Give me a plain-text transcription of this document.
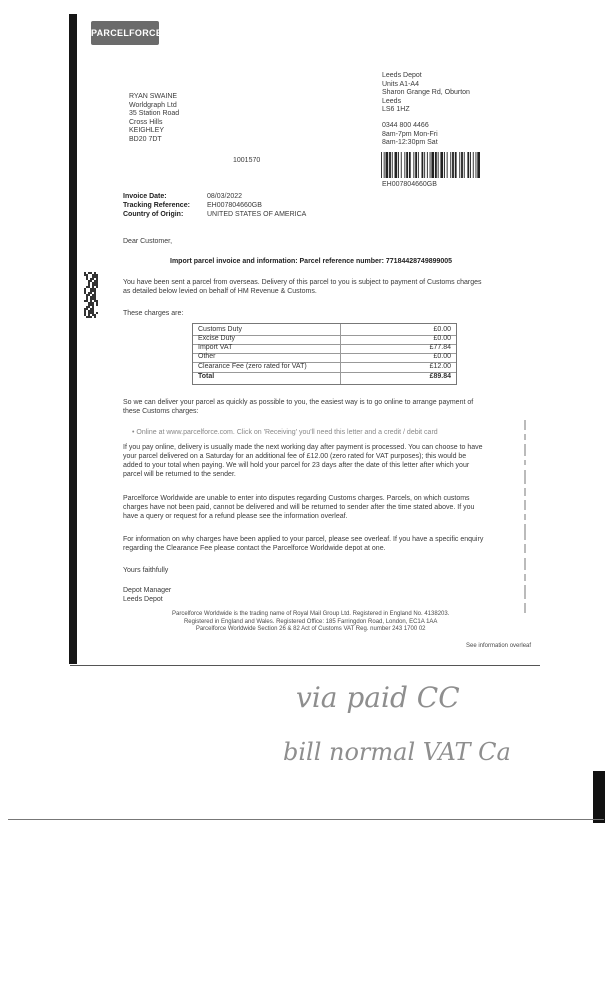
PARCELFORCE
RYAN SWAINE
Worldgraph Ltd
35 Station Road
Cross Hills
KEIGHLEY
BD20 7DT
Leeds Depot
Units A1-A4
Sharon Grange Rd, Oburton
Leeds
LS6 1HZ
0344 800 4466
8am-7pm Mon-Fri
8am-12:30pm Sat
1001570
EH007804660GB
Invoice Date:	08/03/2022
Tracking Reference: EH007804660GB
Country of Origin:	UNITED STATES OF AMERICA
Dear Customer,
Import parcel invoice and information: Parcel reference number: 77184428749899005
You have been sent a parcel from overseas. Delivery of this parcel to you is subject to payment of Customs charges
as detailed below levied on behalf of HM Revenue & Customs.
These charges are:
Customs Duty	£0.00
Excise Duty	£0.00
Import VAT	£77.84
Other	£0.00
Clearance Fee (zero rated for VAT)	£12.00
Total	£89.84
So we can deliver your parcel as quickly as possible to you, the easiest way is to go online to arrange payment of
these Customs charges:
• Online at www.parcelforce.com. Click on 'Receiving' you'll need this letter and a credit / debit card
If you pay online, delivery is usually made the next working day after payment is processed. You can choose to have
your parcel delivered on a Saturday for an additional fee of £12.00 (zero rated for VAT purposes); this would be
added to your total when paying. We will hold your parcel for 23 days after the date of this letter after which your
parcel will be returned to the sender.
Parcelforce Worldwide are unable to enter into disputes regarding Customs charges. Parcels, on which customs
charges have not been paid, cannot be delivered and will be returned to sender after the time stated above. If you
have a query or request for a refund please see the information overleaf.
For information on why charges have been applied to your parcel, please see overleaf. If you have a specific enquiry
regarding the Clearance Fee please contact the Parcelforce Worldwide depot at one.
Yours faithfully
Depot Manager
Leeds Depot
Parcelforce Worldwide is the trading name of Royal Mail Group Ltd. Registered in England No. 4138203.
Registered in England and Wales. Registered Office: 185 Farringdon Road, London, EC1A 1AA
Parcelforce Worldwide Section 26 & 82 Act of Customs VAT Reg. number 243 1700 02
See information overleaf
via paid CC
bill normal VAT Ca
